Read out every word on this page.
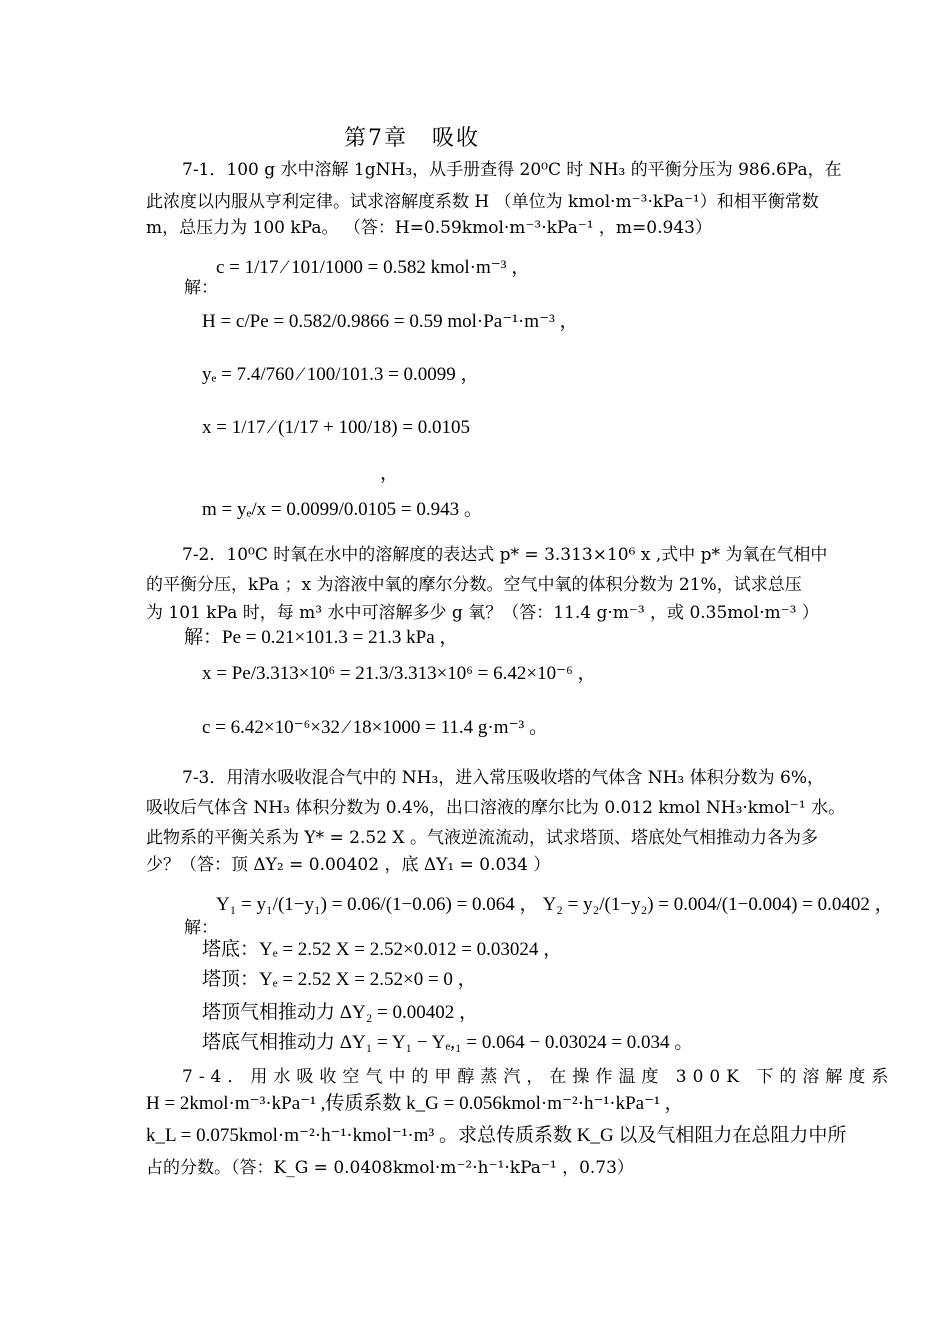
第7章　吸收
7-1．100 g 水中溶解 1gNH₃，从手册查得 20⁰C 时 NH₃ 的平衡分压为 986.6Pa，在
此浓度以内服从亨利定律。试求溶解度系数 H （单位为 kmol·m⁻³·kPa⁻¹）和相平衡常数
m，总压力为 100 kPa。 （答：H=0.59kmol·m⁻³·kPa⁻¹ ，m=0.943）
解：
c = 1/17 ⁄ 101/1000 = 0.582 kmol·m⁻³ ，
H = c/Pe = 0.582/0.9866 = 0.59 mol·Pa⁻¹·m⁻³ ，
yₑ = 7.4/760 ⁄ 100/101.3 = 0.0099 ，
x = 1/17 ⁄ (1/17 + 100/18) = 0.0105
，
m = yₑ/x = 0.0099/0.0105 = 0.943 。
7-2．10⁰C 时氧在水中的溶解度的表达式 p* = 3.313×10⁶ x ,式中 p* 为氧在气相中
的平衡分压，kPa ；x 为溶液中氧的摩尔分数。空气中氧的体积分数为 21%，试求总压
为 101 kPa 时，每 m³ 水中可溶解多少 g 氧？（答：11.4 g·m⁻³ ，或 0.35mol·m⁻³ ）
解：Pe = 0.21×101.3 = 21.3 kPa ，
x = Pe/3.313×10⁶ = 21.3/3.313×10⁶ = 6.42×10⁻⁶ ，
c = 6.42×10⁻⁶×32 ⁄ 18×1000 = 11.4 g·m⁻³ 。
7-3．用清水吸收混合气中的 NH₃，进入常压吸收塔的气体含 NH₃ 体积分数为 6%，
吸收后气体含 NH₃ 体积分数为 0.4%，出口溶液的摩尔比为 0.012 kmol NH₃·kmol⁻¹ 水。
此物系的平衡关系为 Y* = 2.52 X 。气液逆流流动，试求塔顶、塔底处气相推动力各为多
少？（答：顶 ΔY₂ = 0.00402 ，底 ΔY₁ = 0.034 ）
Y₁ = y₁/(1−y₁) = 0.06/(1−0.06) = 0.064 ， Y₂ = y₂/(1−y₂) = 0.004/(1−0.004) = 0.0402 ，
解：
塔底：Yₑ = 2.52 X = 2.52×0.012 = 0.03024 ，
塔顶：Yₑ = 2.52 X = 2.52×0 = 0 ，
塔顶气相推动力 ΔY₂ = 0.00402 ，
塔底气相推动力 ΔY₁ = Y₁ − Yₑ,₁ = 0.064 − 0.03024 = 0.034 。
7-4．用水吸收空气中的甲醇蒸汽，在操作温度 300K 下的溶解度系
H = 2kmol·m⁻³·kPa⁻¹ ,传质系数 k_G = 0.056kmol·m⁻²·h⁻¹·kPa⁻¹ ，
k_L = 0.075kmol·m⁻²·h⁻¹·kmol⁻¹·m³ 。求总传质系数 K_G 以及气相阻力在总阻力中所
占的分数。（答：K_G = 0.0408kmol·m⁻²·h⁻¹·kPa⁻¹ ，0.73）
